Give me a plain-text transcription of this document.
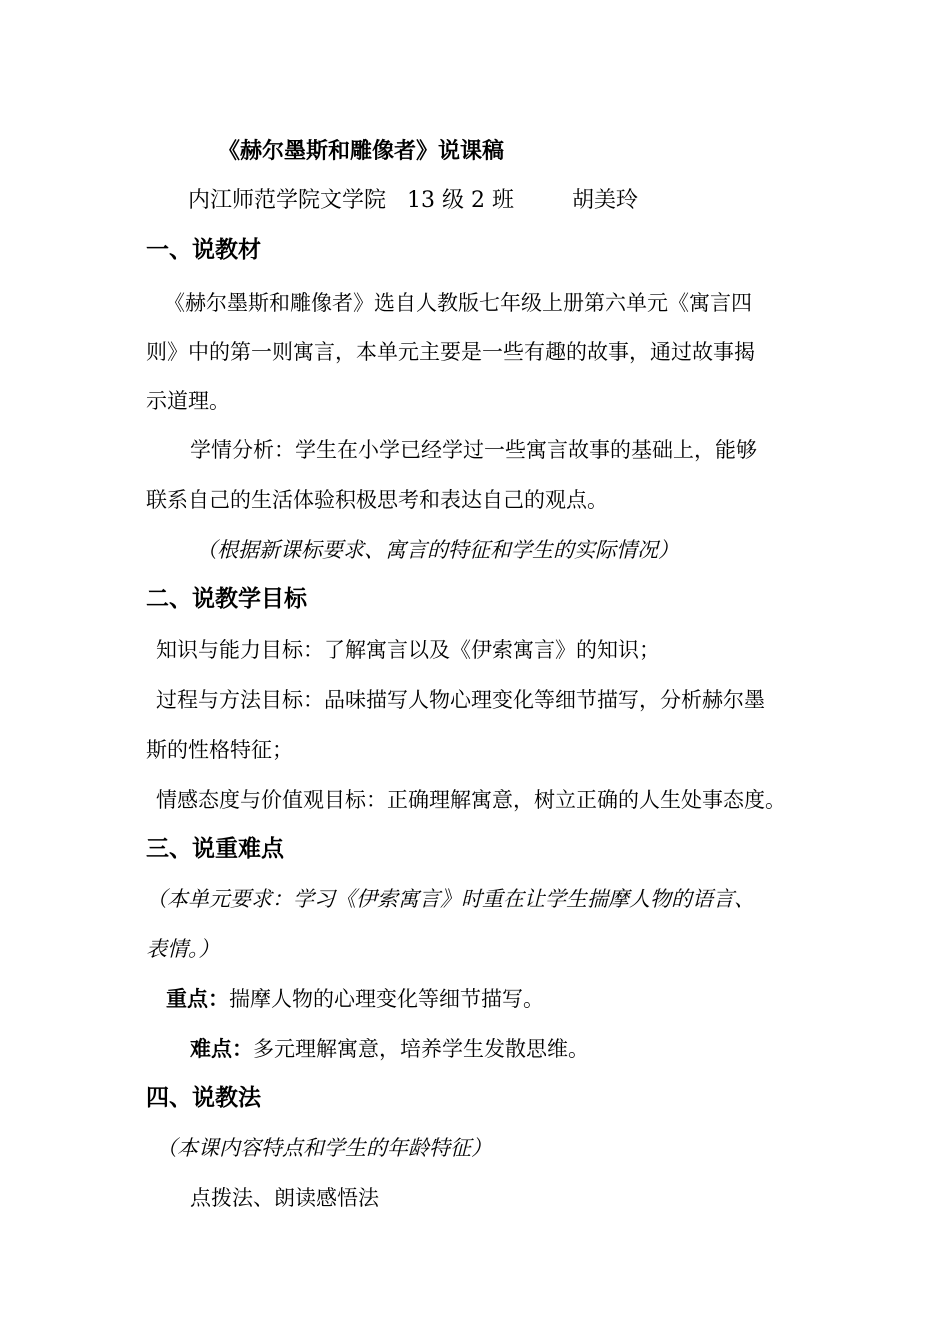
《赫尔墨斯和雕像者》说课稿
内江师范学院文学院 13 级 2 班	胡美玲
一、说教材
《赫尔墨斯和雕像者》选自人教版七年级上册第六单元《寓言四
则》中的第一则寓言，本单元主要是一些有趣的故事，通过故事揭
示道理。
学情分析：学生在小学已经学过一些寓言故事的基础上，能够
联系自己的生活体验积极思考和表达自己的观点。
（根据新课标要求、寓言的特征和学生的实际情况）
二、说教学目标
知识与能力目标：了解寓言以及《伊索寓言》的知识；
过程与方法目标：品味描写人物心理变化等细节描写，分析赫尔墨
斯的性格特征；
情感态度与价值观目标：正确理解寓意，树立正确的人生处事态度。
三、说重难点
（本单元要求：学习《伊索寓言》时重在让学生揣摩人物的语言、
表情。）
重点：揣摩人物的心理变化等细节描写。
难点：多元理解寓意，培养学生发散思维。
四、说教法
（本课内容特点和学生的年龄特征）
点拨法、朗读感悟法
